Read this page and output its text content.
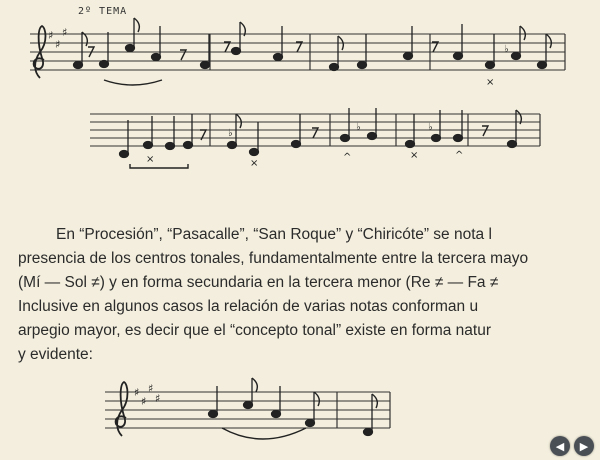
♯
♯
♯
×
♭
2º TEMA
×	×
^	×	^
♭
♭	♭
En “Procesión”, “Pasacalle”, “San Roque” y “Chiricóte” se nota l
presencia de los centros tonales, fundamentalmente entre la tercera mayo
(Mí — Sol ≠) y en forma secundaria en la tercera menor (Re ≠ — Fa ≠
Inclusive en algunos casos la relación de varias notas conforman u
arpegio mayor, es decir que el “concepto tonal” existe en forma natur
y evidente:
♯
♯
♯
♯
◀ ▶
